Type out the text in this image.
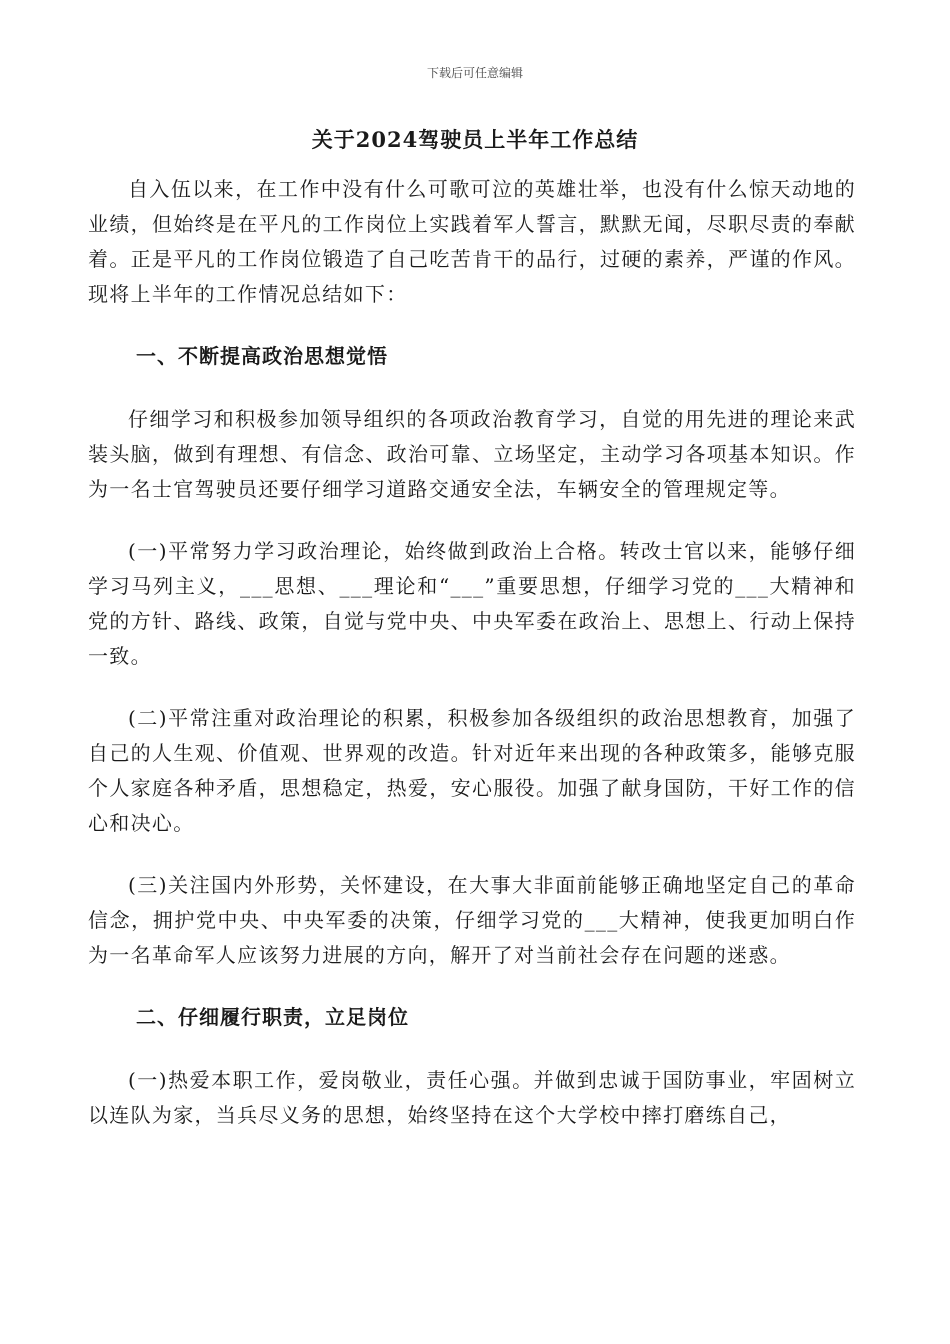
下载后可任意编辑
关于2024驾驶员上半年工作总结

自入伍以来，在工作中没有什么可歌可泣的英雄壮举，也没有什么惊天动地的业绩，但始终是在平凡的工作岗位上实践着军人誓言，默默无闻，尽职尽责的奉献着。正是平凡的工作岗位锻造了自己吃苦肯干的品行，过硬的素养，严谨的作风。现将上半年的工作情况总结如下：

一、不断提高政治思想觉悟

仔细学习和积极参加领导组织的各项政治教育学习，自觉的用先进的理论来武装头脑，做到有理想、有信念、政治可靠、立场坚定，主动学习各项基本知识。作为一名士官驾驶员还要仔细学习道路交通安全法，车辆安全的管理规定等。

(一)平常努力学习政治理论，始终做到政治上合格。转改士官以来，能够仔细学习马列主义，___思想、___理论和“___”重要思想，仔细学习党的___大精神和党的方针、路线、政策，自觉与党中央、中央军委在政治上、思想上、行动上保持一致。

(二)平常注重对政治理论的积累，积极参加各级组织的政治思想教育，加强了自己的人生观、价值观、世界观的改造。针对近年来出现的各种政策多，能够克服个人家庭各种矛盾，思想稳定，热爱，安心服役。加强了献身国防，干好工作的信心和决心。

(三)关注国内外形势，关怀建设，在大事大非面前能够正确地坚定自己的革命信念，拥护党中央、中央军委的决策，仔细学习党的___大精神，使我更加明白作为一名革命军人应该努力进展的方向，解开了对当前社会存在问题的迷惑。

二、仔细履行职责，立足岗位

(一)热爱本职工作，爱岗敬业，责任心强。并做到忠诚于国防事业，牢固树立以连队为家，当兵尽义务的思想，始终坚持在这个大学校中摔打磨练自己，
